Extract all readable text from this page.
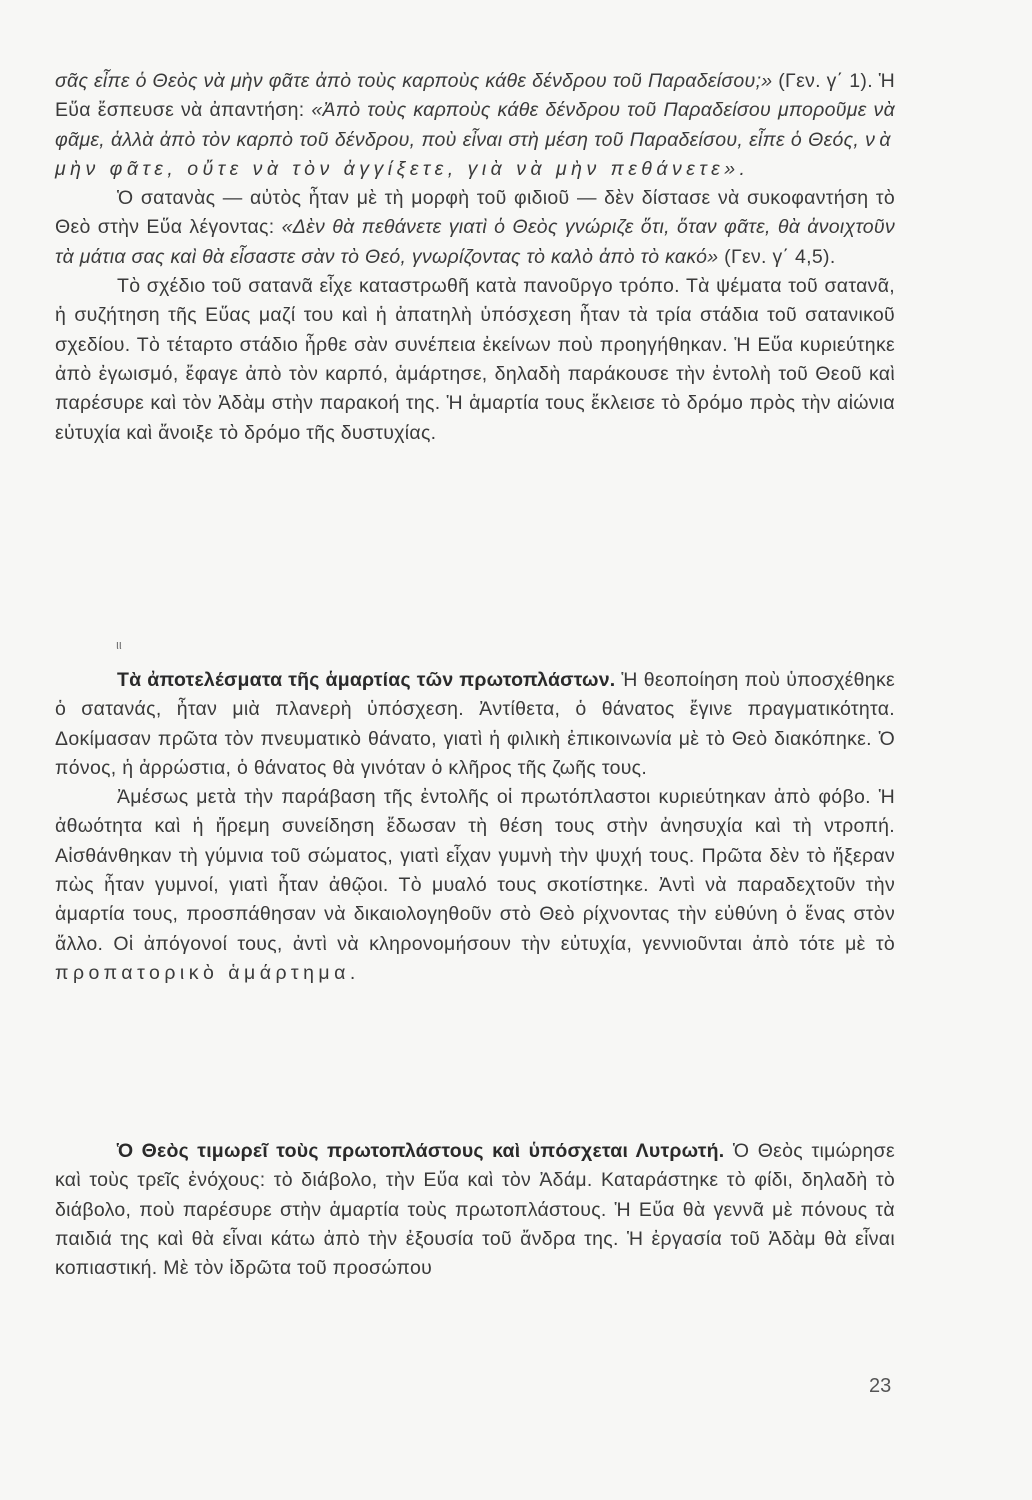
σᾶς εἶπε ὁ Θεὸς νὰ μὴν φᾶτε ἀπὸ τοὺς καρποὺς κάθε δένδρου τοῦ Παραδείσου;» (Γεν. γ΄ 1). Ἡ Εὕα ἔσπευσε νὰ ἀπαντήση: «Ἀπὸ τοὺς καρποὺς κάθε δένδρου τοῦ Παραδείσου μποροῦμε νὰ φᾶμε, ἀλλὰ ἀπὸ τὸν καρπὸ τοῦ δένδρου, ποὺ εἶναι στὴ μέση τοῦ Παραδείσου, εἶπε ὁ Θεός, νὰ μὴν φᾶτε, οὔτε νὰ τὸν ἀγγίξετε, γιὰ νὰ μὴν πεθάνετε».

Ὁ σατανὰς — αὐτὸς ἦταν μὲ τὴ μορφὴ τοῦ φιδιοῦ — δὲν δίστασε νὰ συκοφαντήση τὸ Θεὸ στὴν Εὕα λέγοντας: «Δὲν θὰ πεθάνετε γιατὶ ὁ Θεὸς γνώριζε ὅτι, ὅταν φᾶτε, θὰ ἀνοιχτοῦν τὰ μάτια σας καὶ θὰ εἶσαστε σὰν τὸ Θεό, γνωρίζοντας τὸ καλὸ ἀπὸ τὸ κακό» (Γεν. γ΄ 4,5).

Τὸ σχέδιο τοῦ σατανᾶ εἶχε καταστρωθῆ κατὰ πανοῦργο τρόπο. Τὰ ψέματα τοῦ σατανᾶ, ἡ συζήτηση τῆς Εὕας μαζί του καὶ ἡ ἀπατηλὴ ὑπόσχεση ἦταν τὰ τρία στάδια τοῦ σατανικοῦ σχεδίου. Τὸ τέταρτο στάδιο ἦρθε σὰν συνέπεια ἐκείνων ποὺ προηγήθηκαν. Ἡ Εὕα κυριεύτηκε ἀπὸ ἐγωισμό, ἔφαγε ἀπὸ τὸν καρπό, ἁμάρτησε, δηλαδὴ παράκουσε τὴν ἐντολὴ τοῦ Θεοῦ καὶ παρέσυρε καὶ τὸν Ἀδὰμ στὴν παρακοή της. Ἡ ἁμαρτία τους ἔκλεισε τὸ δρόμο πρὸς τὴν αἰώνια εὐτυχία καὶ ἄνοιξε τὸ δρόμο τῆς δυστυχίας.

ιι

Τὰ ἀποτελέσματα τῆς ἁμαρτίας τῶν πρωτοπλάστων. Ἡ θεοποίηση ποὺ ὑποσχέθηκε ὁ σατανάς, ἦταν μιὰ πλανερὴ ὑπόσχεση. Ἀντίθετα, ὁ θάνατος ἔγινε πραγματικότητα. Δοκίμασαν πρῶτα τὸν πνευματικὸ θάνατο, γιατὶ ἡ φιλικὴ ἐπικοινωνία μὲ τὸ Θεὸ διακόπηκε. Ὁ πόνος, ἡ ἀρρώστια, ὁ θάνατος θὰ γινόταν ὁ κλῆρος τῆς ζωῆς τους.

Ἀμέσως μετὰ τὴν παράβαση τῆς ἐντολῆς οἱ πρωτόπλαστοι κυριεύτηκαν ἀπὸ φόβο. Ἡ ἀθωότητα καὶ ἡ ἤρεμη συνείδηση ἔδωσαν τὴ θέση τους στὴν ἀνησυχία καὶ τὴ ντροπή. Αἰσθάνθηκαν τὴ γύμνια τοῦ σώματος, γιατὶ εἶχαν γυμνὴ τὴν ψυχή τους. Πρῶτα δὲν τὸ ἤξεραν πὼς ἦταν γυμνοί, γιατὶ ἦταν ἀθῷοι. Τὸ μυαλό τους σκοτίστηκε. Ἀντὶ νὰ παραδεχτοῦν τὴν ἁμαρτία τους, προσπάθησαν νὰ δικαιολογηθοῦν στὸ Θεὸ ρίχνοντας τὴν εὐθύνη ὁ ἕνας στὸν ἄλλο. Οἱ ἀπόγονοί τους, ἀντὶ νὰ κληρονομήσουν τὴν εὐτυχία, γεννιοῦνται ἀπὸ τότε μὲ τὸ προπατορικὸ ἁμάρτημα.

Ὁ Θεὸς τιμωρεῖ τοὺς πρωτοπλάστους καὶ ὑπόσχεται Λυτρωτή. Ὁ Θεὸς τιμώρησε καὶ τοὺς τρεῖς ἐνόχους: τὸ διάβολο, τὴν Εὕα καὶ τὸν Ἀδάμ. Καταράστηκε τὸ φίδι, δηλαδὴ τὸ διάβολο, ποὺ παρέσυρε στὴν ἁμαρτία τοὺς πρωτοπλάστους. Ἡ Εὕα θὰ γεννᾶ μὲ πόνους τὰ παιδιά της καὶ θὰ εἶναι κάτω ἀπὸ τὴν ἐξουσία τοῦ ἄνδρα της. Ἡ ἐργασία τοῦ Ἀδὰμ θὰ εἶναι κοπιαστική. Μὲ τὸν ἱδρῶτα τοῦ προσώπου

23
